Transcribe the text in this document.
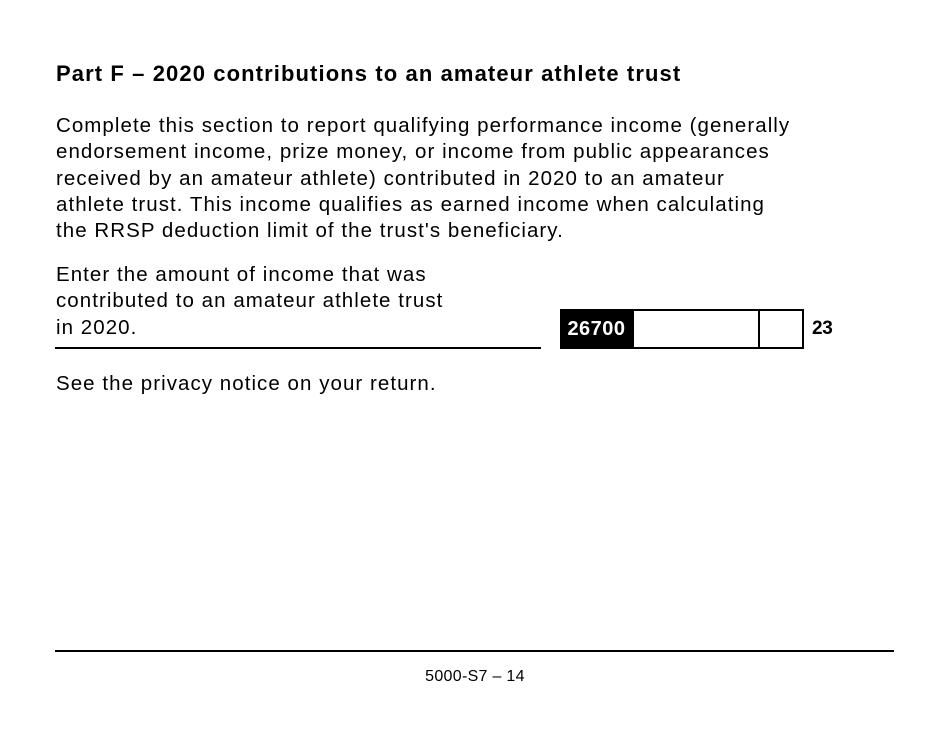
Part F – 2020 contributions to an amateur athlete trust
Complete this section to report qualifying performance income (generally
endorsement income, prize money, or income from public appearances
received by an amateur athlete) contributed in 2020 to an amateur
athlete trust. This income qualifies as earned income when calculating
the RRSP deduction limit of the trust's beneficiary.
Enter the amount of income that was
contributed to an amateur athlete trust
in 2020.	26700	23

See the privacy notice on your return.

5000-S7 – 14
